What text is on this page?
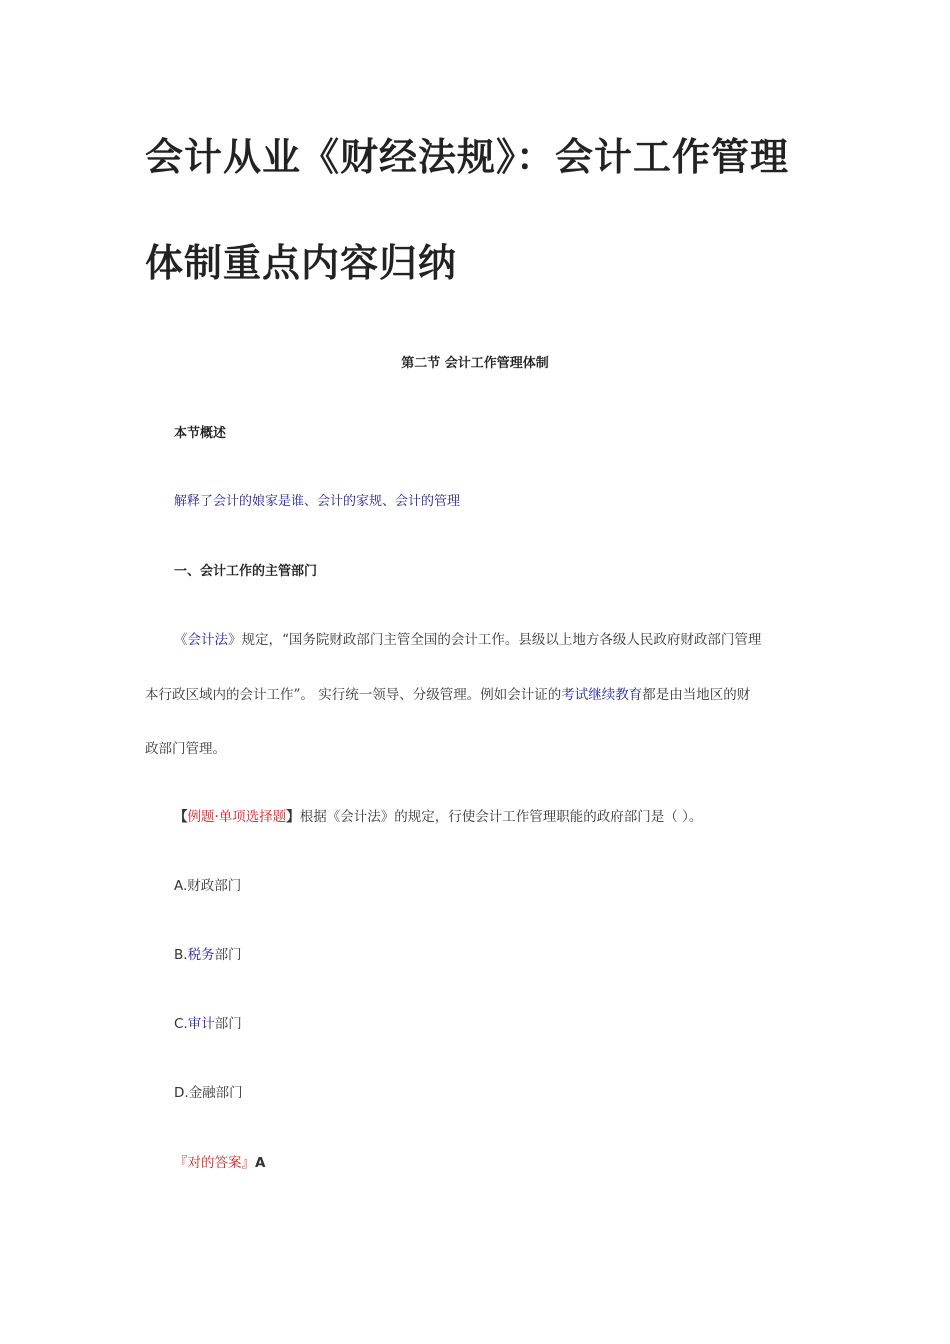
会计从业《财经法规》：会计工作管理
体制重点内容归纳
第二节 会计工作管理体制
本节概述
解释了会计的娘家是谁、会计的家规、会计的管理
一、会计工作的主管部门
《会计法》规定，“国务院财政部门主管全国的会计工作。县级以上地方各级人民政府财政部门管理
本行政区域内的会计工作”。 实行统一领导、分级管理。例如会计证的考试继续教育都是由当地区的财
政部门管理。
【例题·单项选择题】根据《会计法》的规定，行使会计工作管理职能的政府部门是（ ）。
A.财政部门
B.税务部门
C.审计部门
D.金融部门
『对的答案』A
